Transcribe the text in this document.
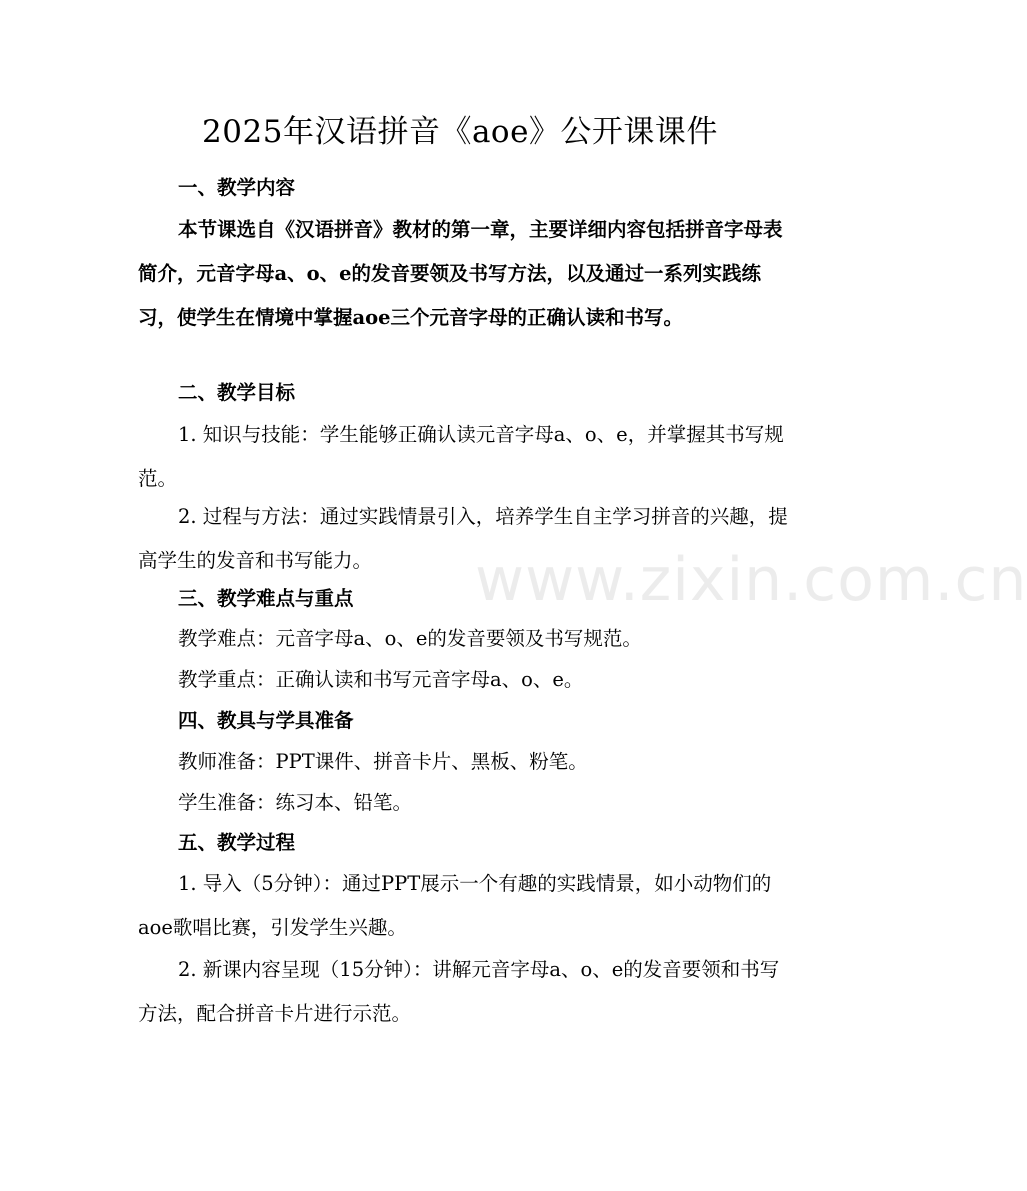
2025年汉语拼音《aoe》公开课课件

一、教学内容

本节课选自《汉语拼音》教材的第一章，主要详细内容包括拼音字母表简介，元音字母a、o、e的发音要领及书写方法，以及通过一系列实践练习，使学生在情境中掌握aoe三个元音字母的正确认读和书写。

二、教学目标

1. 知识与技能：学生能够正确认读元音字母a、o、e，并掌握其书写规范。

2. 过程与方法：通过实践情景引入，培养学生自主学习拼音的兴趣，提高学生的发音和书写能力。

三、教学难点与重点

教学难点：元音字母a、o、e的发音要领及书写规范。

教学重点：正确认读和书写元音字母a、o、e。

四、教具与学具准备

教师准备：PPT课件、拼音卡片、黑板、粉笔。

学生准备：练习本、铅笔。

五、教学过程

1. 导入（5分钟）：通过PPT展示一个有趣的实践情景，如小动物们的aoe歌唱比赛，引发学生兴趣。

2. 新课内容呈现（15分钟）：讲解元音字母a、o、e的发音要领和书写方法，配合拼音卡片进行示范。

www.zixin.com.cn
